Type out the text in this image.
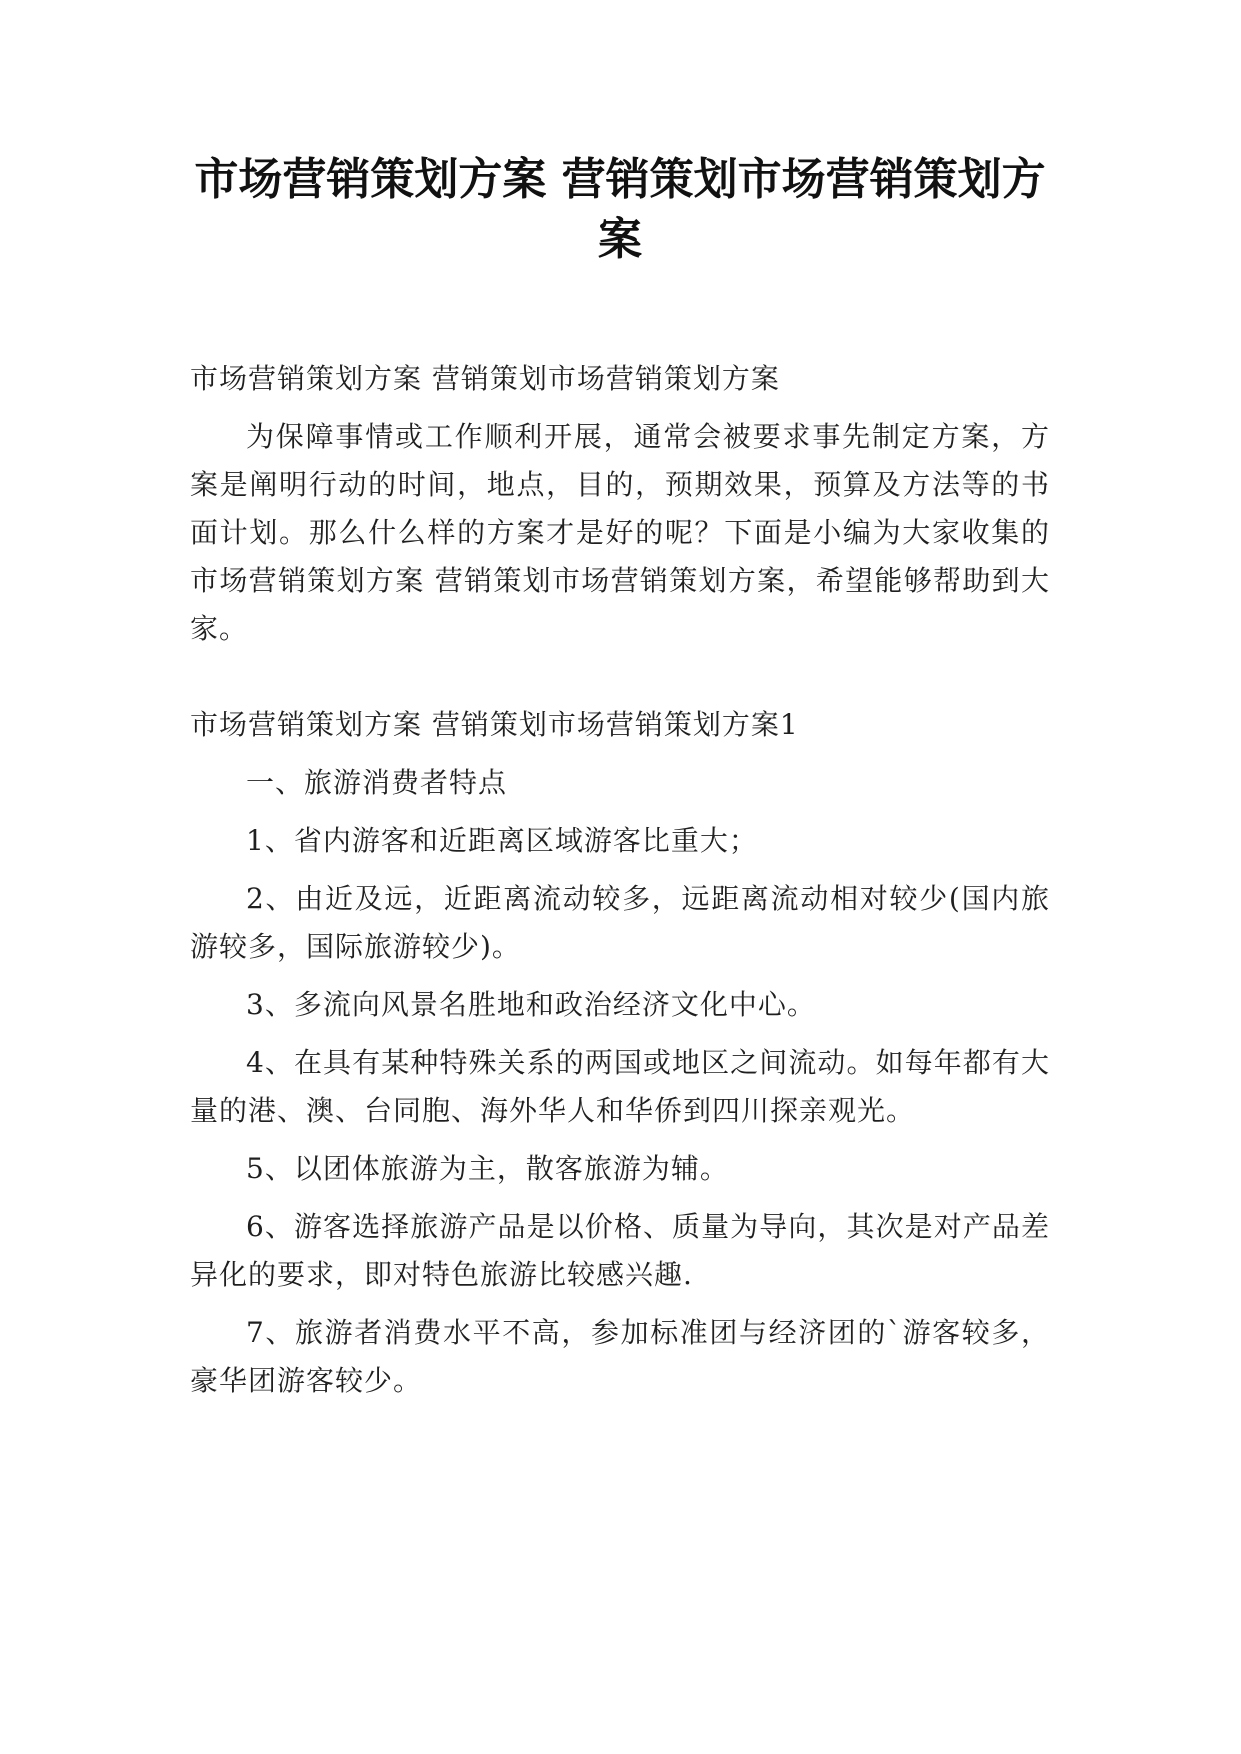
市场营销策划方案 营销策划市场营销策划方案

市场营销策划方案 营销策划市场营销策划方案

为保障事情或工作顺利开展，通常会被要求事先制定方案，方案是阐明行动的时间，地点，目的，预期效果，预算及方法等的书面计划。那么什么样的方案才是好的呢？下面是小编为大家收集的市场营销策划方案 营销策划市场营销策划方案，希望能够帮助到大家。

市场营销策划方案 营销策划市场营销策划方案1

一、旅游消费者特点

1、省内游客和近距离区域游客比重大；

2、由近及远，近距离流动较多，远距离流动相对较少(国内旅游较多，国际旅游较少)。

3、多流向风景名胜地和政治经济文化中心。

4、在具有某种特殊关系的两国或地区之间流动。如每年都有大量的港、澳、台同胞、海外华人和华侨到四川探亲观光。

5、以团体旅游为主，散客旅游为辅。

6、游客选择旅游产品是以价格、质量为导向，其次是对产品差异化的要求，即对特色旅游比较感兴趣.

7、旅游者消费水平不高，参加标准团与经济团的`游客较多，豪华团游客较少。
